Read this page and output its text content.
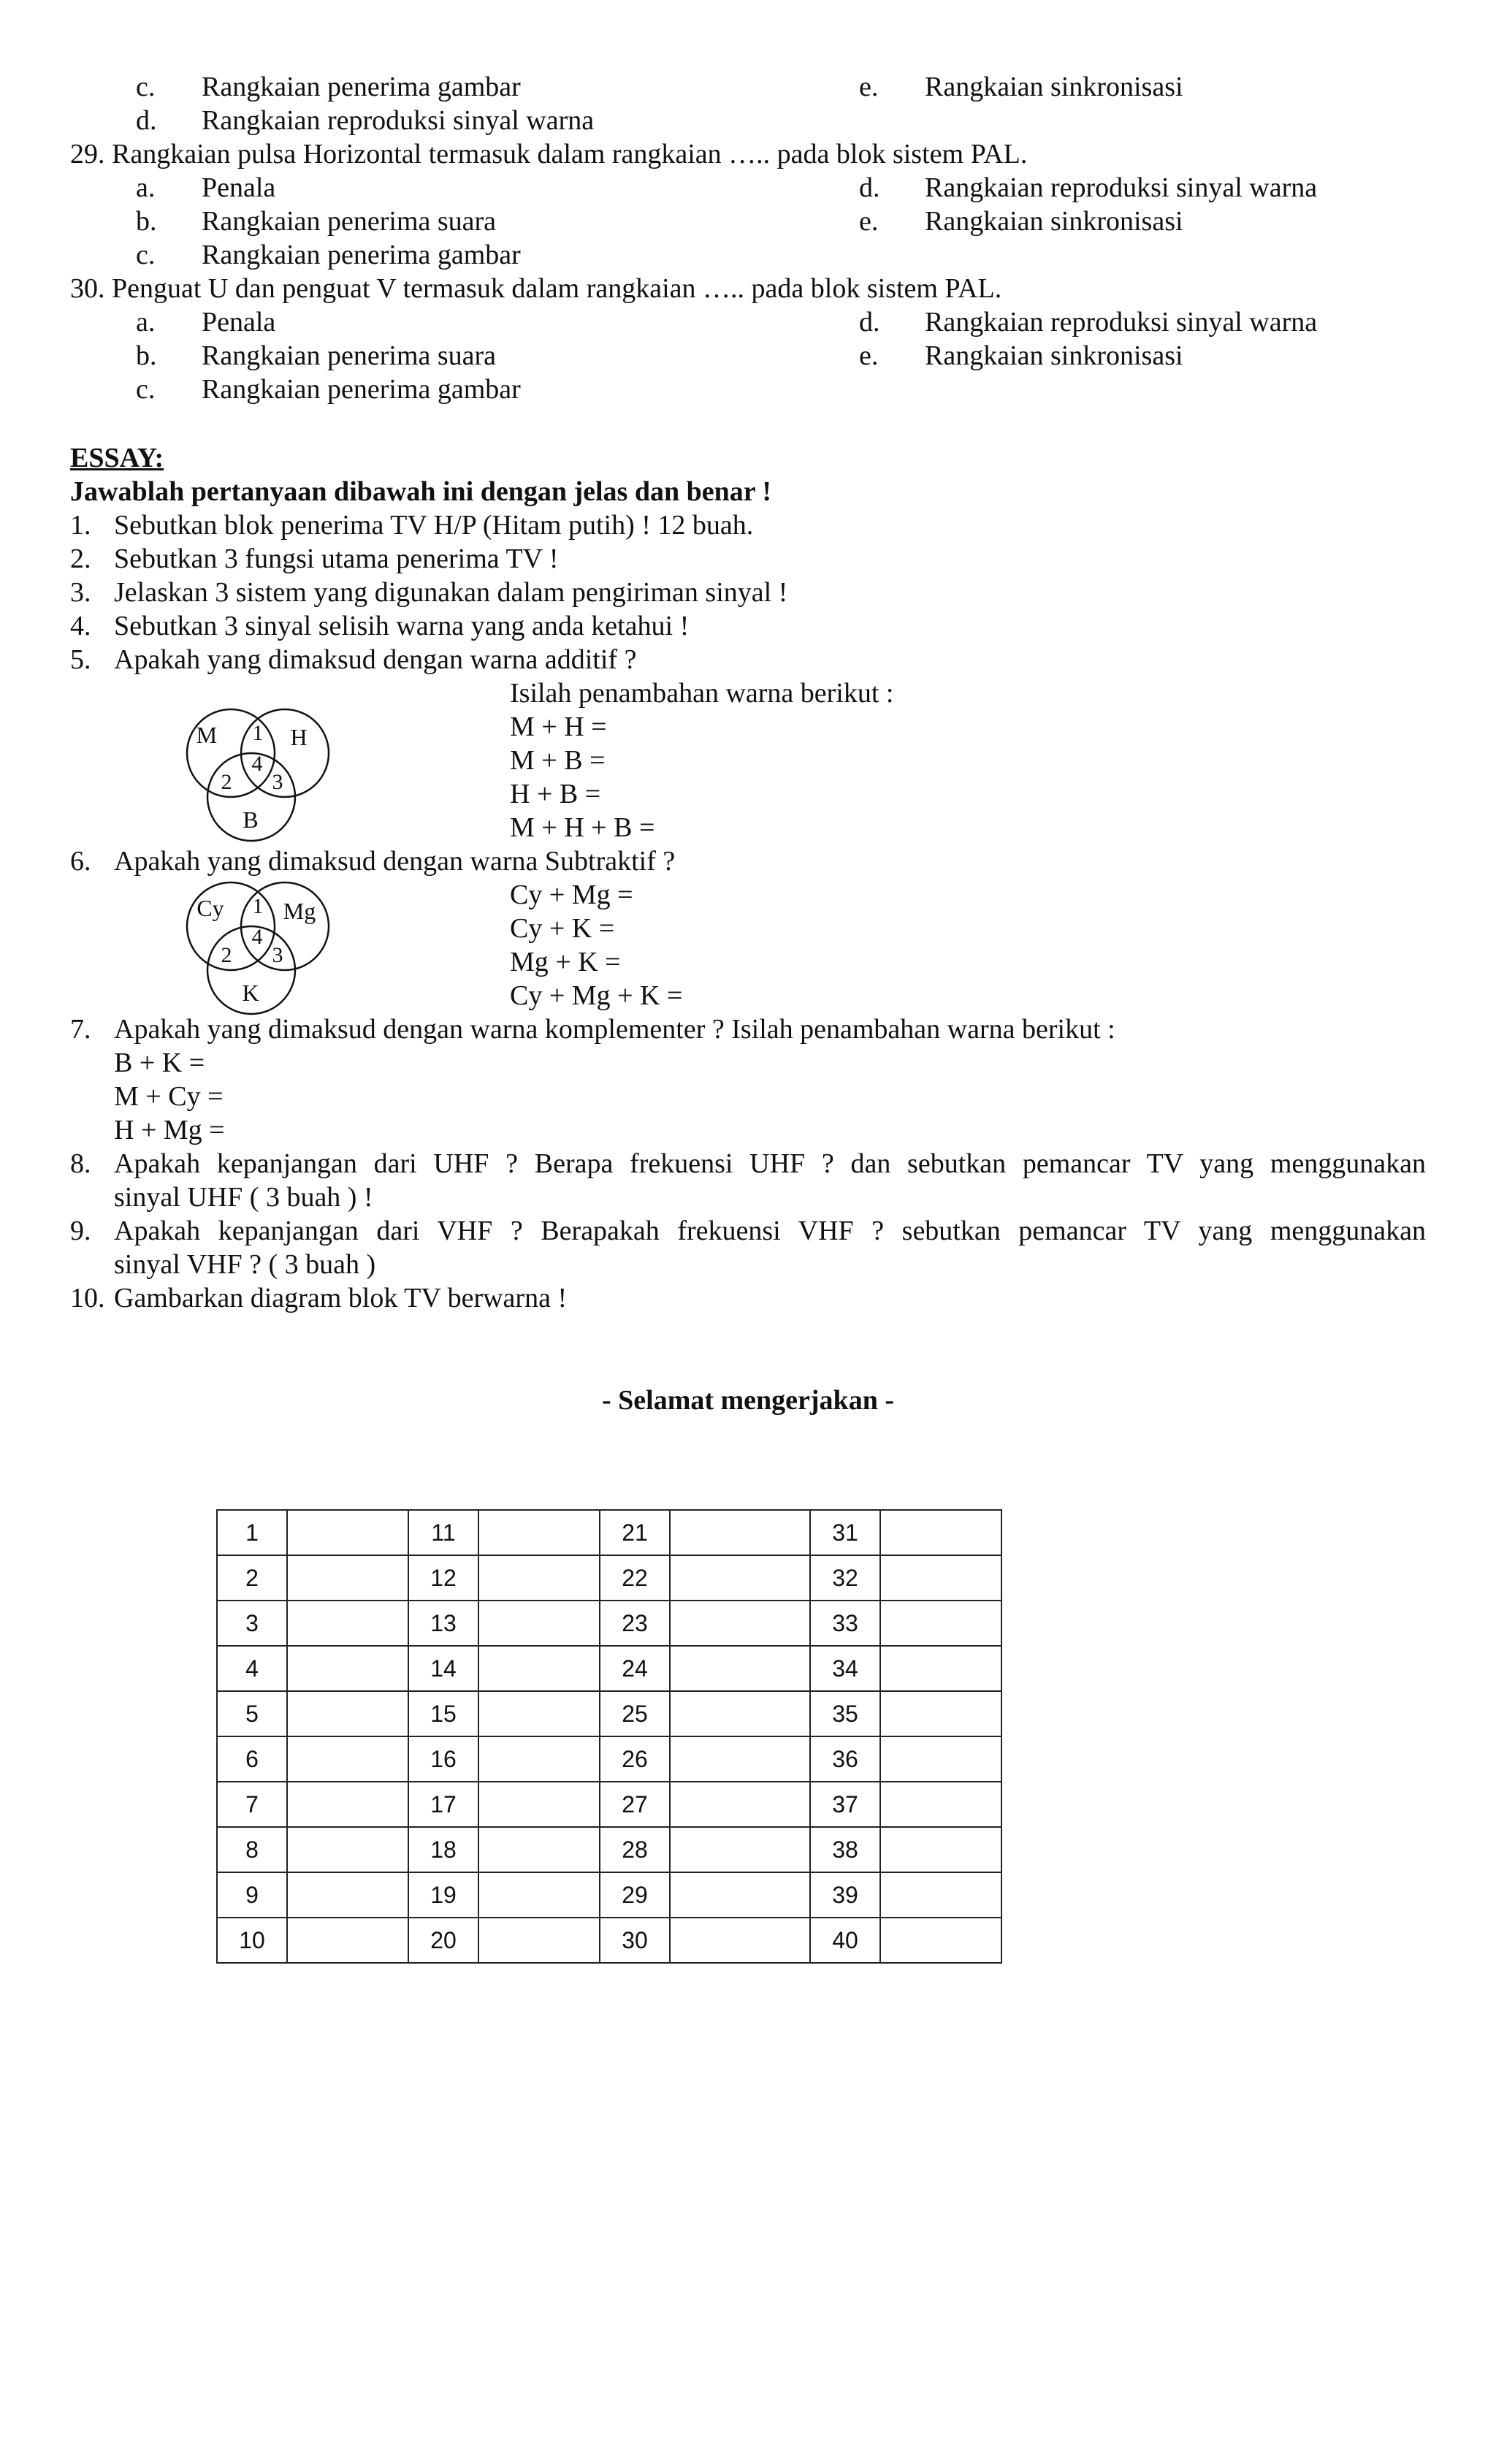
c. Rangkaian penerima gambar	e. Rangkaian sinkronisasi
d. Rangkaian reproduksi sinyal warna
29. Rangkaian pulsa Horizontal termasuk dalam rangkaian ….. pada blok sistem PAL.
a. Penala	d. Rangkaian reproduksi sinyal warna
b. Rangkaian penerima suara	e. Rangkaian sinkronisasi
c. Rangkaian penerima gambar
30. Penguat U dan penguat V termasuk dalam rangkaian ….. pada blok sistem PAL.
a. Penala	d. Rangkaian reproduksi sinyal warna
b. Rangkaian penerima suara	e. Rangkaian sinkronisasi
c. Rangkaian penerima gambar
ESSAY:
Jawablah pertanyaan dibawah ini dengan jelas dan benar !
1. Sebutkan blok penerima TV H/P (Hitam putih) ! 12 buah.
2. Sebutkan 3 fungsi utama penerima TV !
3. Jelaskan 3 sistem yang digunakan dalam pengiriman sinyal !
4. Sebutkan 3 sinyal selisih warna yang anda ketahui !
5. Apakah yang dimaksud dengan warna additif ?
Isilah penambahan warna berikut :
M + H =
M + B =
H + B =
M + H + B =
M	H
B
1
4
2 3
6. Apakah yang dimaksud dengan warna Subtraktif ?
Cy + Mg =
Cy + K =
Mg + K =
Cy + Mg + K =
Cy	Mg
K
1
4
2 3
7. Apakah yang dimaksud dengan warna komplementer ? Isilah penambahan warna berikut :
B + K =
M + Cy =
H + Mg =
8. Apakah kepanjangan dari UHF ? Berapa frekuensi UHF ? dan sebutkan pemancar TV yang menggunakan
sinyal UHF ( 3 buah ) !
9. Apakah kepanjangan dari VHF ? Berapakah frekuensi VHF ? sebutkan pemancar TV yang menggunakan
sinyal VHF ? ( 3 buah )
10. Gambarkan diagram blok TV berwarna !
- Selamat mengerjakan -
1		11		21		31	
2		12		22		32	
3		13		23		33	
4		14		24		34	
5		15		25		35	
6		16		26		36	
7		17		27		37	
8		18		28		38	
9		19		29		39	
10		20		30		40	
